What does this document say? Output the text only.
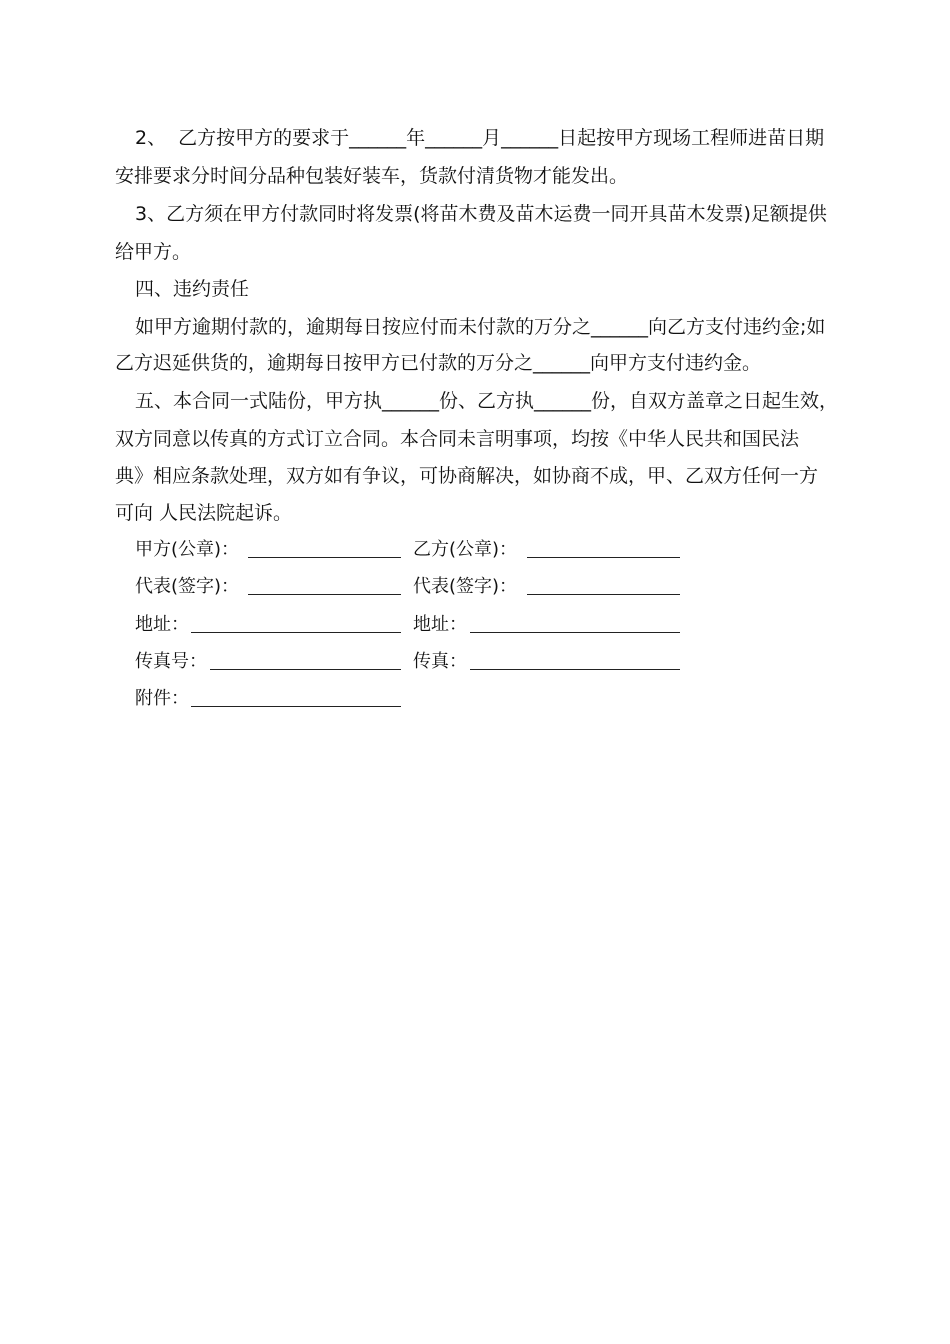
2、  乙方按甲方的要求于______年______月______日起按甲方现场工程师进苗日期
安排要求分时间分品种包装好装车，货款付清货物才能发出。
3、乙方须在甲方付款同时将发票(将苗木费及苗木运费一同开具苗木发票)足额提供
给甲方。
四、违约责任
如甲方逾期付款的，逾期每日按应付而未付款的万分之______向乙方支付违约金;如
乙方迟延供货的，逾期每日按甲方已付款的万分之______向甲方支付违约金。
五、本合同一式陆份，甲方执______份、乙方执______份，自双方盖章之日起生效，
双方同意以传真的方式订立合同。本合同未言明事项，均按《中华人民共和国民法
典》相应条款处理，双方如有争议，可协商解决，如协商不成，甲、乙双方任何一方
可向 人民法院起诉。
甲方(公章)：	乙方(公章)：
代表(签字)：	代表(签字)：
地址：	地址：
传真号：	传真：
附件：
